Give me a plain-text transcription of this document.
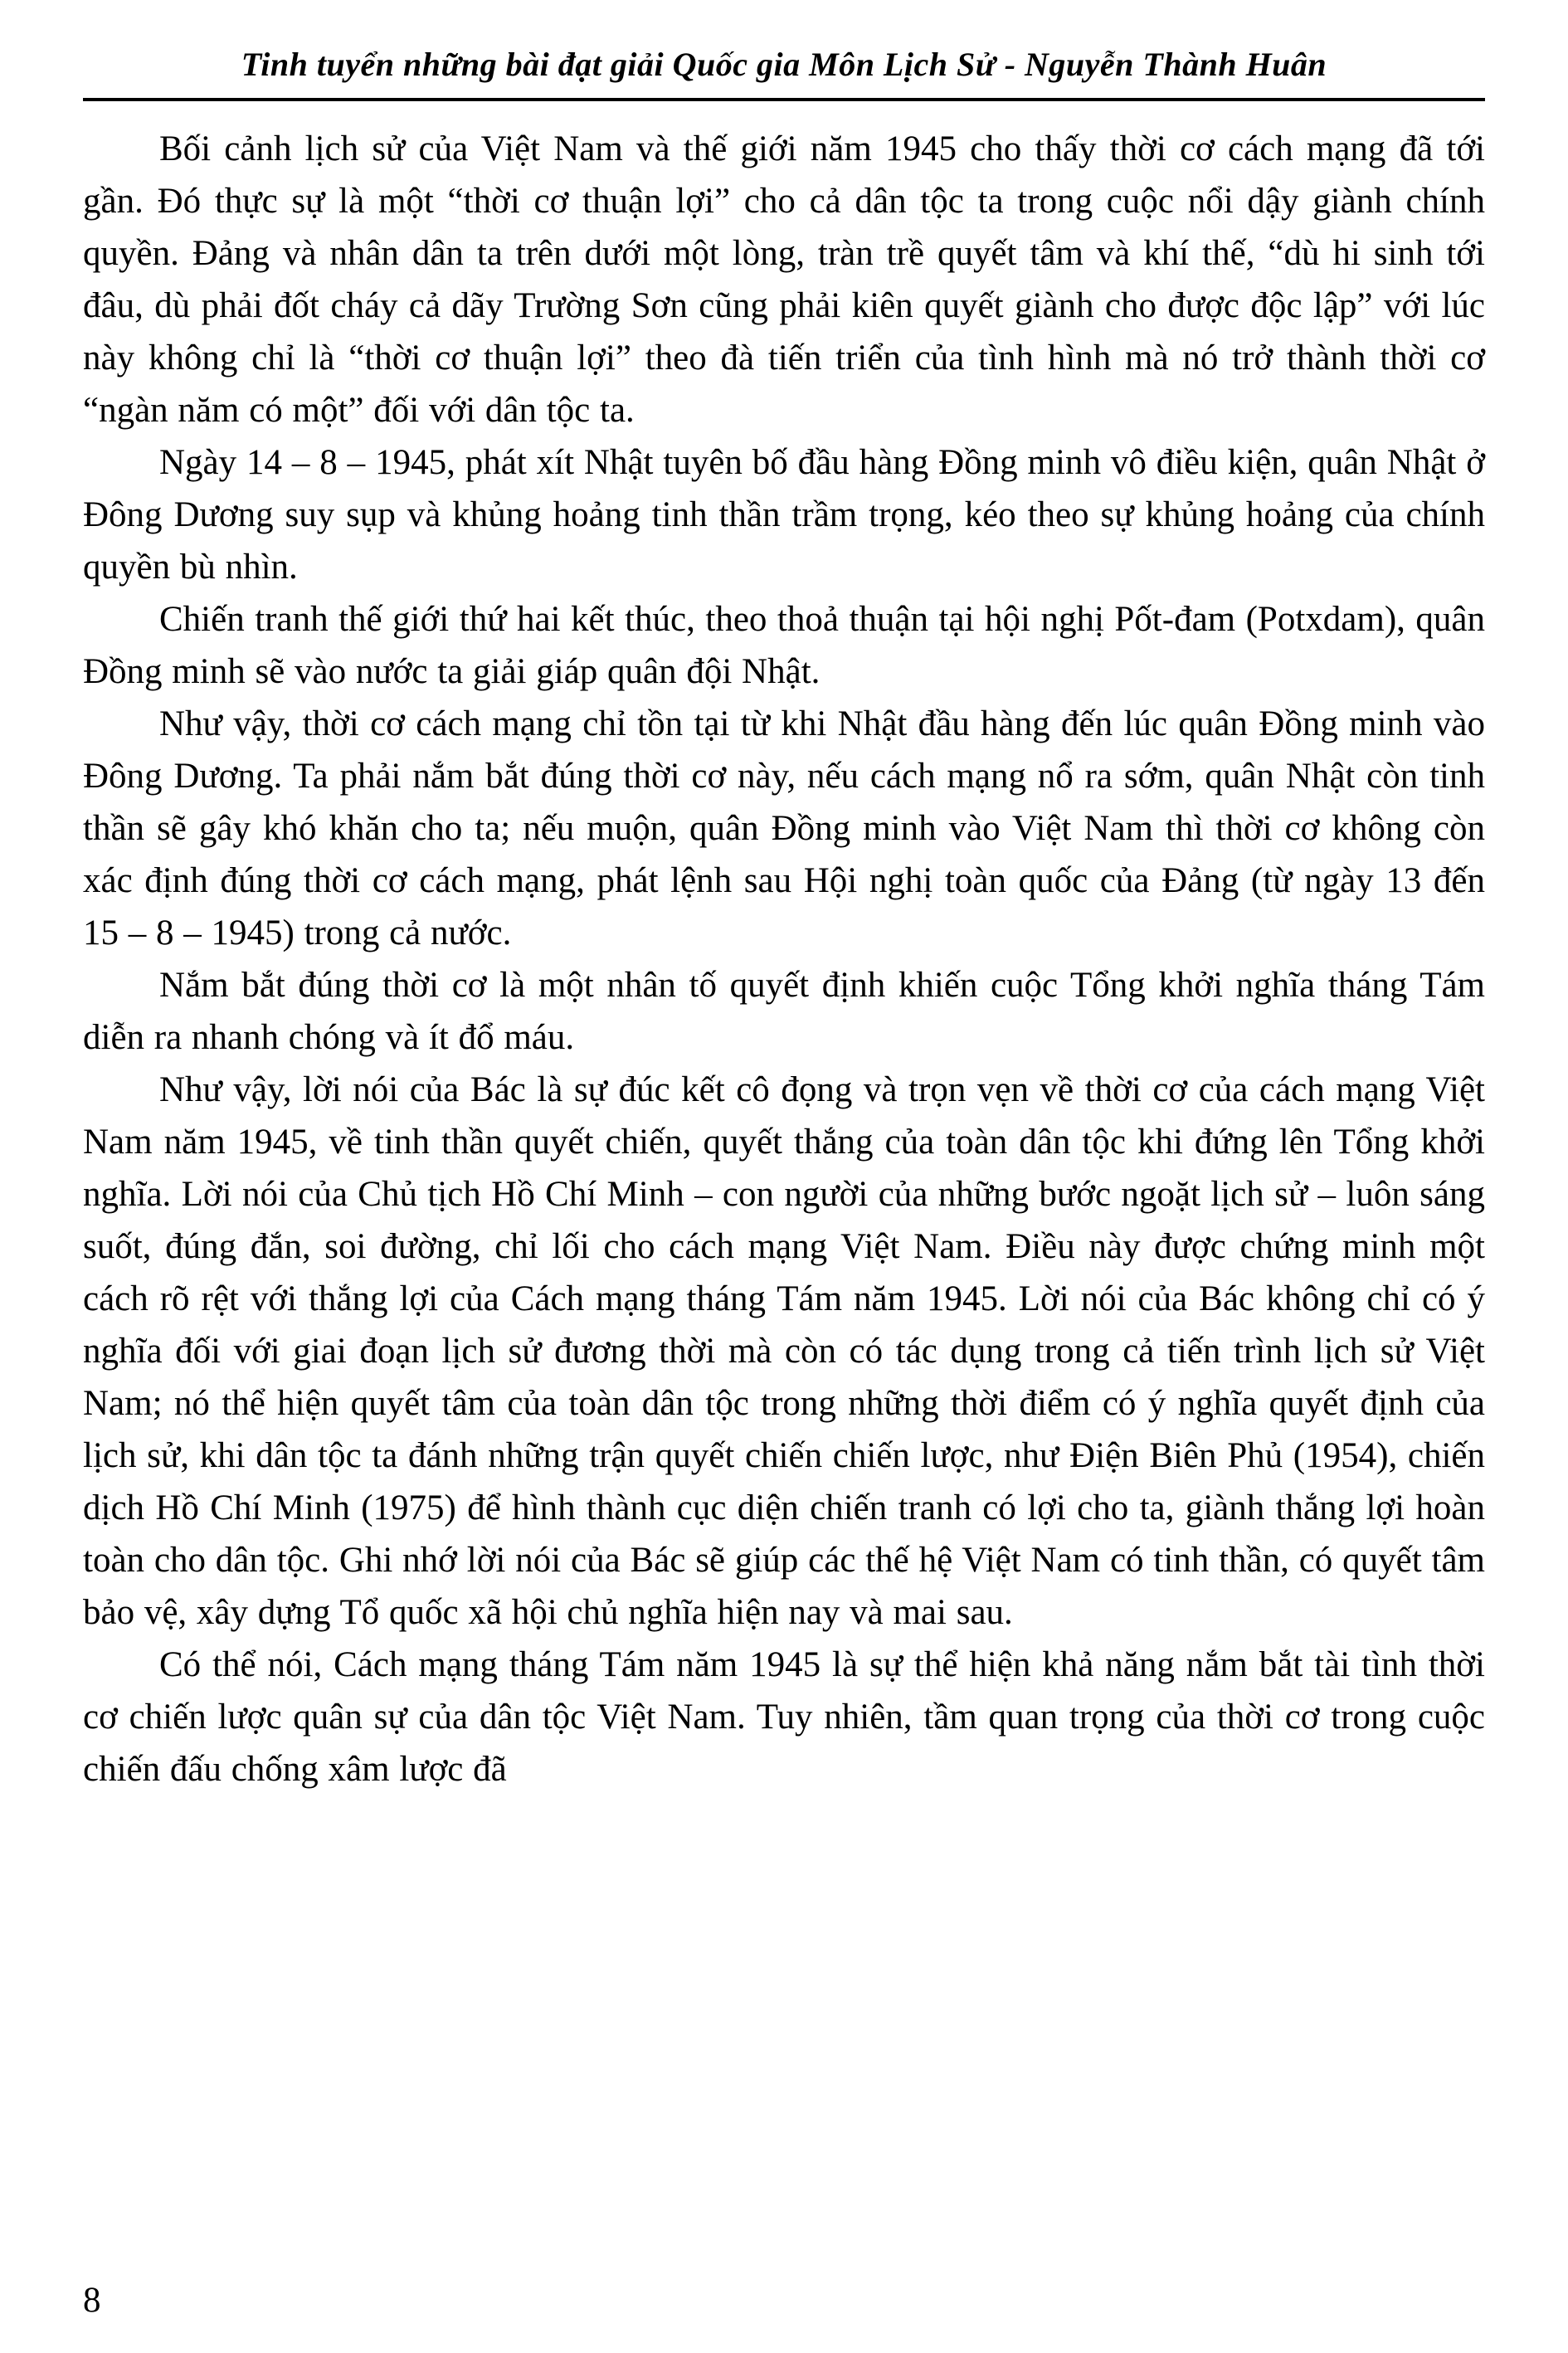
Tinh tuyển những bài đạt giải Quốc gia Môn Lịch Sử - Nguyễn Thành Huân

Bối cảnh lịch sử của Việt Nam và thế giới năm 1945 cho thấy thời cơ cách mạng đã tới gần. Đó thực sự là một “thời cơ thuận lợi” cho cả dân tộc ta trong cuộc nổi dậy giành chính quyền. Đảng và nhân dân ta trên dưới một lòng, tràn trề quyết tâm và khí thế, “dù hi sinh tới đâu, dù phải đốt cháy cả dãy Trường Sơn cũng phải kiên quyết giành cho được độc lập” với lúc này không chỉ là “thời cơ thuận lợi” theo đà tiến triển của tình hình mà nó trở thành thời cơ “ngàn năm có một” đối với dân tộc ta.

Ngày 14 – 8 – 1945, phát xít Nhật tuyên bố đầu hàng Đồng minh vô điều kiện, quân Nhật ở Đông Dương suy sụp và khủng hoảng tinh thần trầm trọng, kéo theo sự khủng hoảng của chính quyền bù nhìn.

Chiến tranh thế giới thứ hai kết thúc, theo thoả thuận tại hội nghị Pốt-đam (Potxdam), quân Đồng minh sẽ vào nước ta giải giáp quân đội Nhật.

Như vậy, thời cơ cách mạng chỉ tồn tại từ khi Nhật đầu hàng đến lúc quân Đồng minh vào Đông Dương. Ta phải nắm bắt đúng thời cơ này, nếu cách mạng nổ ra sớm, quân Nhật còn tinh thần sẽ gây khó khăn cho ta; nếu muộn, quân Đồng minh vào Việt Nam thì thời cơ không còn xác định đúng thời cơ cách mạng, phát lệnh sau Hội nghị toàn quốc của Đảng (từ ngày 13 đến 15 – 8 – 1945) trong cả nước.

Nắm bắt đúng thời cơ là một nhân tố quyết định khiến cuộc Tổng khởi nghĩa tháng Tám diễn ra nhanh chóng và ít đổ máu.

Như vậy, lời nói của Bác là sự đúc kết cô đọng và trọn vẹn về thời cơ của cách mạng Việt Nam năm 1945, về tinh thần quyết chiến, quyết thắng của toàn dân tộc khi đứng lên Tổng khởi nghĩa. Lời nói của Chủ tịch Hồ Chí Minh – con người của những bước ngoặt lịch sử – luôn sáng suốt, đúng đắn, soi đường, chỉ lối cho cách mạng Việt Nam. Điều này được chứng minh một cách rõ rệt với thắng lợi của Cách mạng tháng Tám năm 1945. Lời nói của Bác không chỉ có ý nghĩa đối với giai đoạn lịch sử đương thời mà còn có tác dụng trong cả tiến trình lịch sử Việt Nam; nó thể hiện quyết tâm của toàn dân tộc trong những thời điểm có ý nghĩa quyết định của lịch sử, khi dân tộc ta đánh những trận quyết chiến chiến lược, như Điện Biên Phủ (1954), chiến dịch Hồ Chí Minh (1975) để hình thành cục diện chiến tranh có lợi cho ta, giành thắng lợi hoàn toàn cho dân tộc. Ghi nhớ lời nói của Bác sẽ giúp các thế hệ Việt Nam có tinh thần, có quyết tâm bảo vệ, xây dựng Tổ quốc xã hội chủ nghĩa hiện nay và mai sau.

Có thể nói, Cách mạng tháng Tám năm 1945 là sự thể hiện khả năng nắm bắt tài tình thời cơ chiến lược quân sự của dân tộc Việt Nam. Tuy nhiên, tầm quan trọng của thời cơ trong cuộc chiến đấu chống xâm lược đã

8
